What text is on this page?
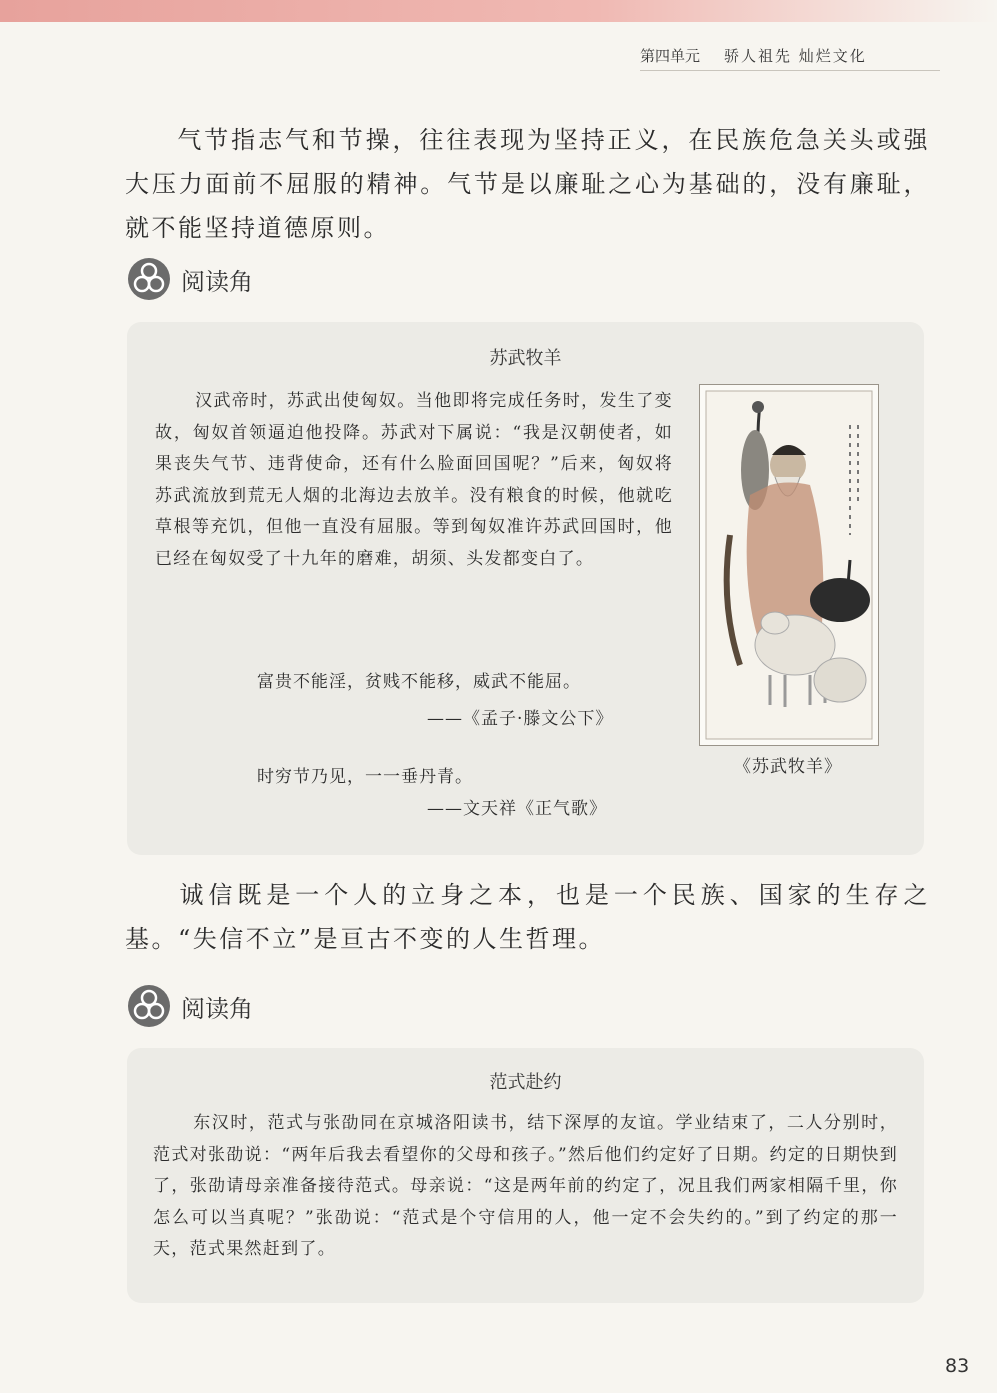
第四单元 骄人祖先 灿烂文化

气节指志气和节操，往往表现为坚持正义，在民族危急关头或强大压力面前不屈服的精神。气节是以廉耻之心为基础的，没有廉耻，就不能坚持道德原则。

阅读角
苏武牧羊

汉武帝时，苏武出使匈奴。当他即将完成任务时，发生了变故，匈奴首领逼迫他投降。苏武对下属说：“我是汉朝使者，如果丧失气节、违背使命，还有什么脸面回国呢？”后来，匈奴将苏武流放到荒无人烟的北海边去放羊。没有粮食的时候，他就吃草根等充饥，但他一直没有屈服。等到匈奴准许苏武回国时，他已经在匈奴受了十九年的磨难，胡须、头发都变白了。

富贵不能淫，贫贱不能移，威武不能屈。
——《孟子·滕文公下》
时穷节乃见，一一垂丹青。
——文天祥《正气歌》
《苏武牧羊》

诚信既是一个人的立身之本，也是一个民族、国家的生存之基。“失信不立”是亘古不变的人生哲理。

阅读角
范式赴约

东汉时，范式与张劭同在京城洛阳读书，结下深厚的友谊。学业结束了，二人分别时，范式对张劭说：“两年后我去看望你的父母和孩子。”然后他们约定好了日期。约定的日期快到了，张劭请母亲准备接待范式。母亲说：“这是两年前的约定了，况且我们两家相隔千里，你怎么可以当真呢？”张劭说：“范式是个守信用的人，他一定不会失约的。”到了约定的那一天，范式果然赶到了。

83
